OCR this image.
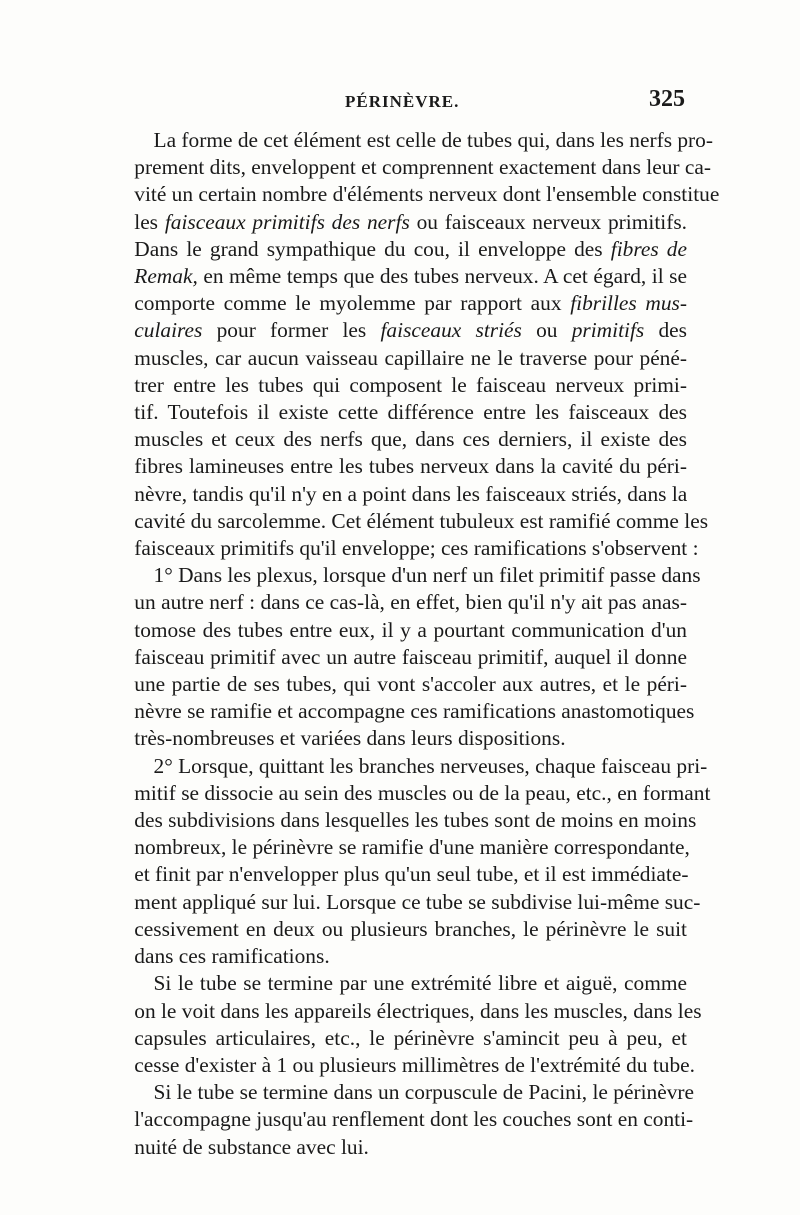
PÉRINÈVRE.	325
La forme de cet élément est celle de tubes qui, dans les nerfs pro-
prement dits, enveloppent et comprennent exactement dans leur ca-
vité un certain nombre d'éléments nerveux dont l'ensemble constitue
les faisceaux primitifs des nerfs ou faisceaux nerveux primitifs.
Dans le grand sympathique du cou, il enveloppe des fibres de
Remak, en même temps que des tubes nerveux. A cet égard, il se
comporte comme le myolemme par rapport aux fibrilles mus-
culaires pour former les faisceaux striés ou primitifs des
muscles, car aucun vaisseau capillaire ne le traverse pour péné-
trer entre les tubes qui composent le faisceau nerveux primi-
tif. Toutefois il existe cette différence entre les faisceaux des
muscles et ceux des nerfs que, dans ces derniers, il existe des
fibres lamineuses entre les tubes nerveux dans la cavité du péri-
nèvre, tandis qu'il n'y en a point dans les faisceaux striés, dans la
cavité du sarcolemme. Cet élément tubuleux est ramifié comme les
faisceaux primitifs qu'il enveloppe; ces ramifications s'observent :
1° Dans les plexus, lorsque d'un nerf un filet primitif passe dans
un autre nerf : dans ce cas-là, en effet, bien qu'il n'y ait pas anas-
tomose des tubes entre eux, il y a pourtant communication d'un
faisceau primitif avec un autre faisceau primitif, auquel il donne
une partie de ses tubes, qui vont s'accoler aux autres, et le péri-
nèvre se ramifie et accompagne ces ramifications anastomotiques
très-nombreuses et variées dans leurs dispositions.
2° Lorsque, quittant les branches nerveuses, chaque faisceau pri-
mitif se dissocie au sein des muscles ou de la peau, etc., en formant
des subdivisions dans lesquelles les tubes sont de moins en moins
nombreux, le périnèvre se ramifie d'une manière correspondante,
et finit par n'envelopper plus qu'un seul tube, et il est immédiate-
ment appliqué sur lui. Lorsque ce tube se subdivise lui-même suc-
cessivement en deux ou plusieurs branches, le périnèvre le suit
dans ces ramifications.
Si le tube se termine par une extrémité libre et aiguë, comme
on le voit dans les appareils électriques, dans les muscles, dans les
capsules articulaires, etc., le périnèvre s'amincit peu à peu, et
cesse d'exister à 1 ou plusieurs millimètres de l'extrémité du tube.
Si le tube se termine dans un corpuscule de Pacini, le périnèvre
l'accompagne jusqu'au renflement dont les couches sont en conti-
nuité de substance avec lui.
